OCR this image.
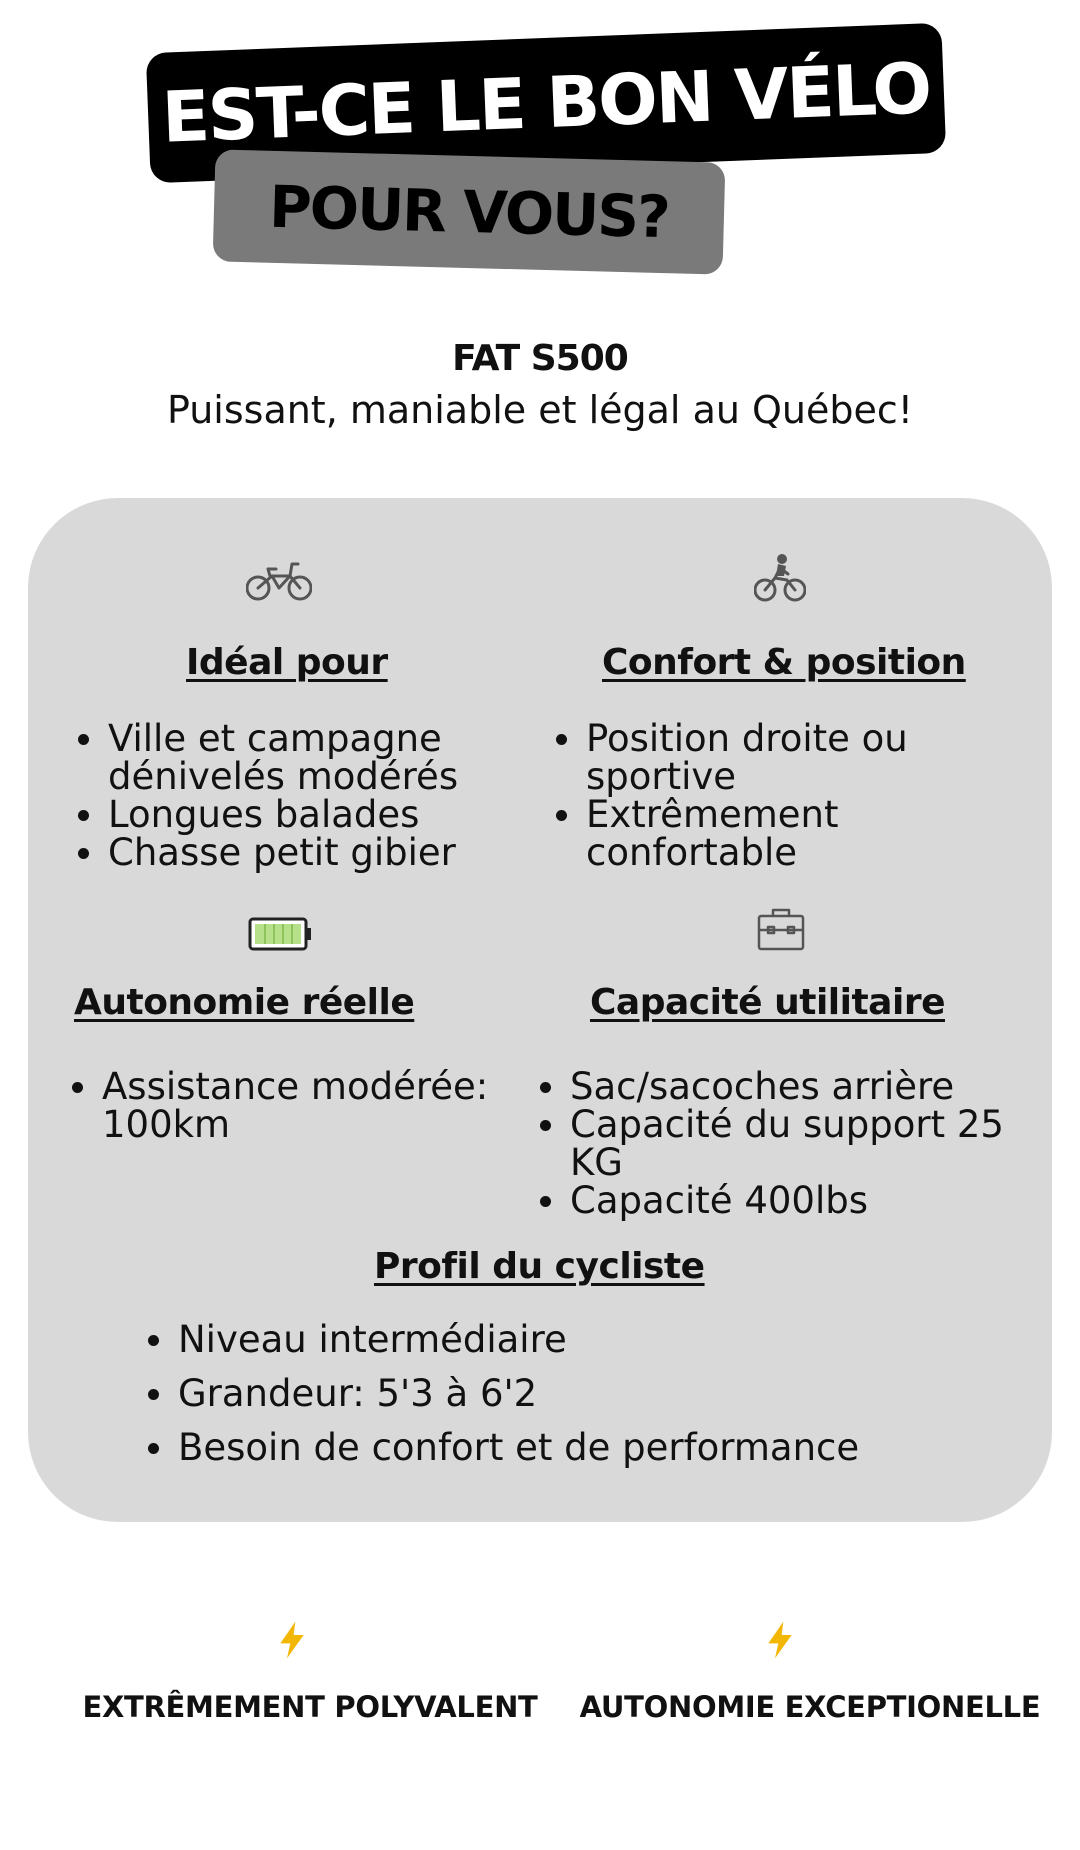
EST-CE LE BON VÉLO
POUR VOUS?
FAT S500
Puissant, maniable et légal au Québec!
Idéal pour
Ville et campagne dénivelés modérés
Longues balades
Chasse petit gibier
Confort & position
Position droite ou sportive
Extrêmement confortable
Autonomie réelle
Assistance modérée: 100km
Capacité utilitaire
Sac/sacoches arrière
Capacité du support 25 KG
Capacité 400lbs
Profil du cycliste
Niveau intermédiaire
Grandeur: 5'3 à 6'2
Besoin de confort et de performance
EXTRÊMEMENT POLYVALENT	AUTONOMIE EXCEPTIONELLE
